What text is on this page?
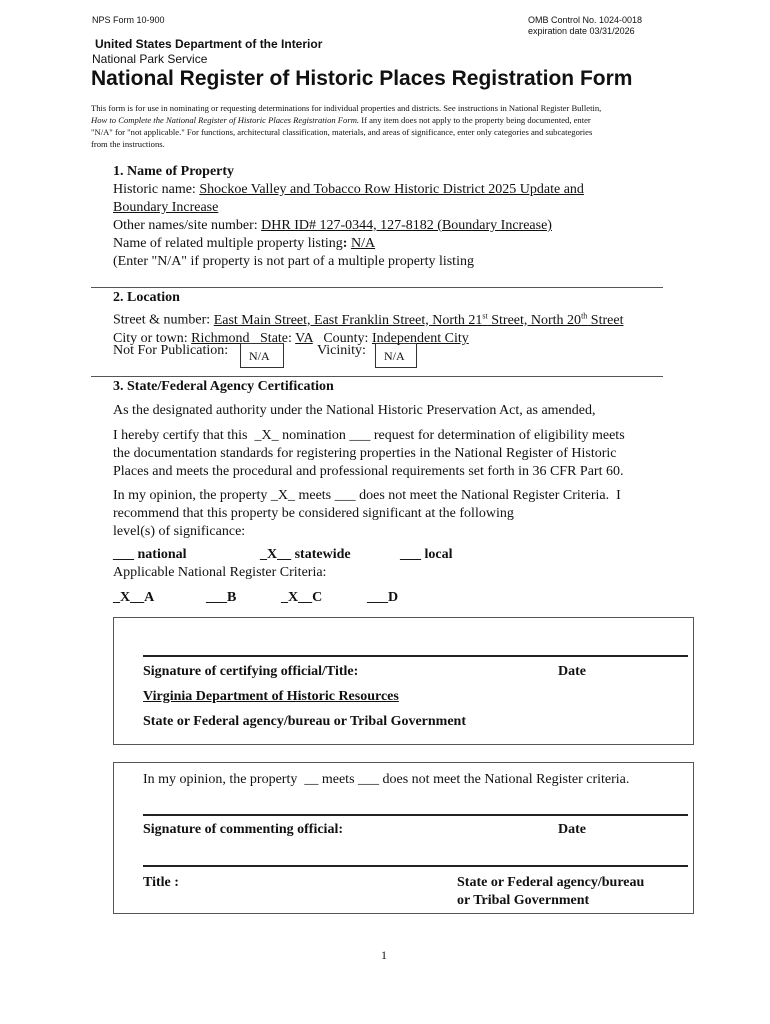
NPS Form 10-900	OMB Control No. 1024-0018
expiration date 03/31/2026
United States Department of the Interior
National Park Service
National Register of Historic Places Registration Form
This form is for use in nominating or requesting determinations for individual properties and districts. See instructions in National Register Bulletin,
How to Complete the National Register of Historic Places Registration Form. If any item does not apply to the property being documented, enter
"N/A" for "not applicable." For functions, architectural classification, materials, and areas of significance, enter only categories and subcategories
from the instructions.
1. Name of Property
Historic name: Shockoe Valley and Tobacco Row Historic District 2025 Update and
Boundary Increase
Other names/site number: DHR ID# 127-0344, 127-8182 (Boundary Increase)
Name of related multiple property listing: N/A
(Enter "N/A" if property is not part of a multiple property listing
2. Location
Street & number: East Main Street, East Franklin Street, North 21st Street, North 20th Street
City or town: Richmond   State: VA   County: Independent City
Not For Publication:	N/A	Vicinity:	N/A
3. State/Federal Agency Certification
As the designated authority under the National Historic Preservation Act, as amended,
I hereby certify that this  _X_ nomination ___ request for determination of eligibility meets
the documentation standards for registering properties in the National Register of Historic
Places and meets the procedural and professional requirements set forth in 36 CFR Part 60.
In my opinion, the property _X_ meets ___ does not meet the National Register Criteria.  I
recommend that this property be considered significant at the following
level(s) of significance:
___ national	_X__ statewide	___ local
Applicable National Register Criteria:
_X__A	___B	_X__C	___D
Signature of certifying official/Title:	Date
Virginia Department of Historic Resources
State or Federal agency/bureau or Tribal Government
In my opinion, the property  __ meets ___ does not meet the National Register criteria.
Signature of commenting official:	Date
Title :	State or Federal agency/bureau
or Tribal Government
1
